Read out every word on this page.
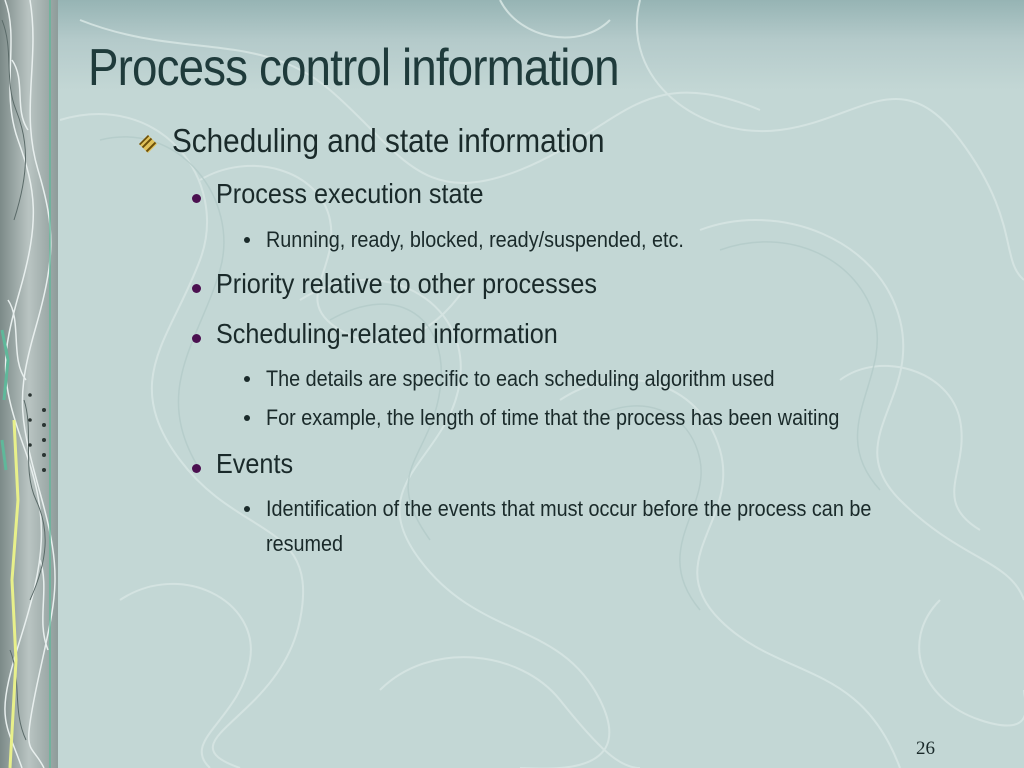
Process control information
Scheduling and state information
Process execution state
Running, ready, blocked, ready/suspended, etc.
Priority relative to other processes
Scheduling-related information
The details are specific to each scheduling algorithm used
For example, the length of time that the process has been waiting
Events
Identification of the events that must occur before the process can be
resumed
26
